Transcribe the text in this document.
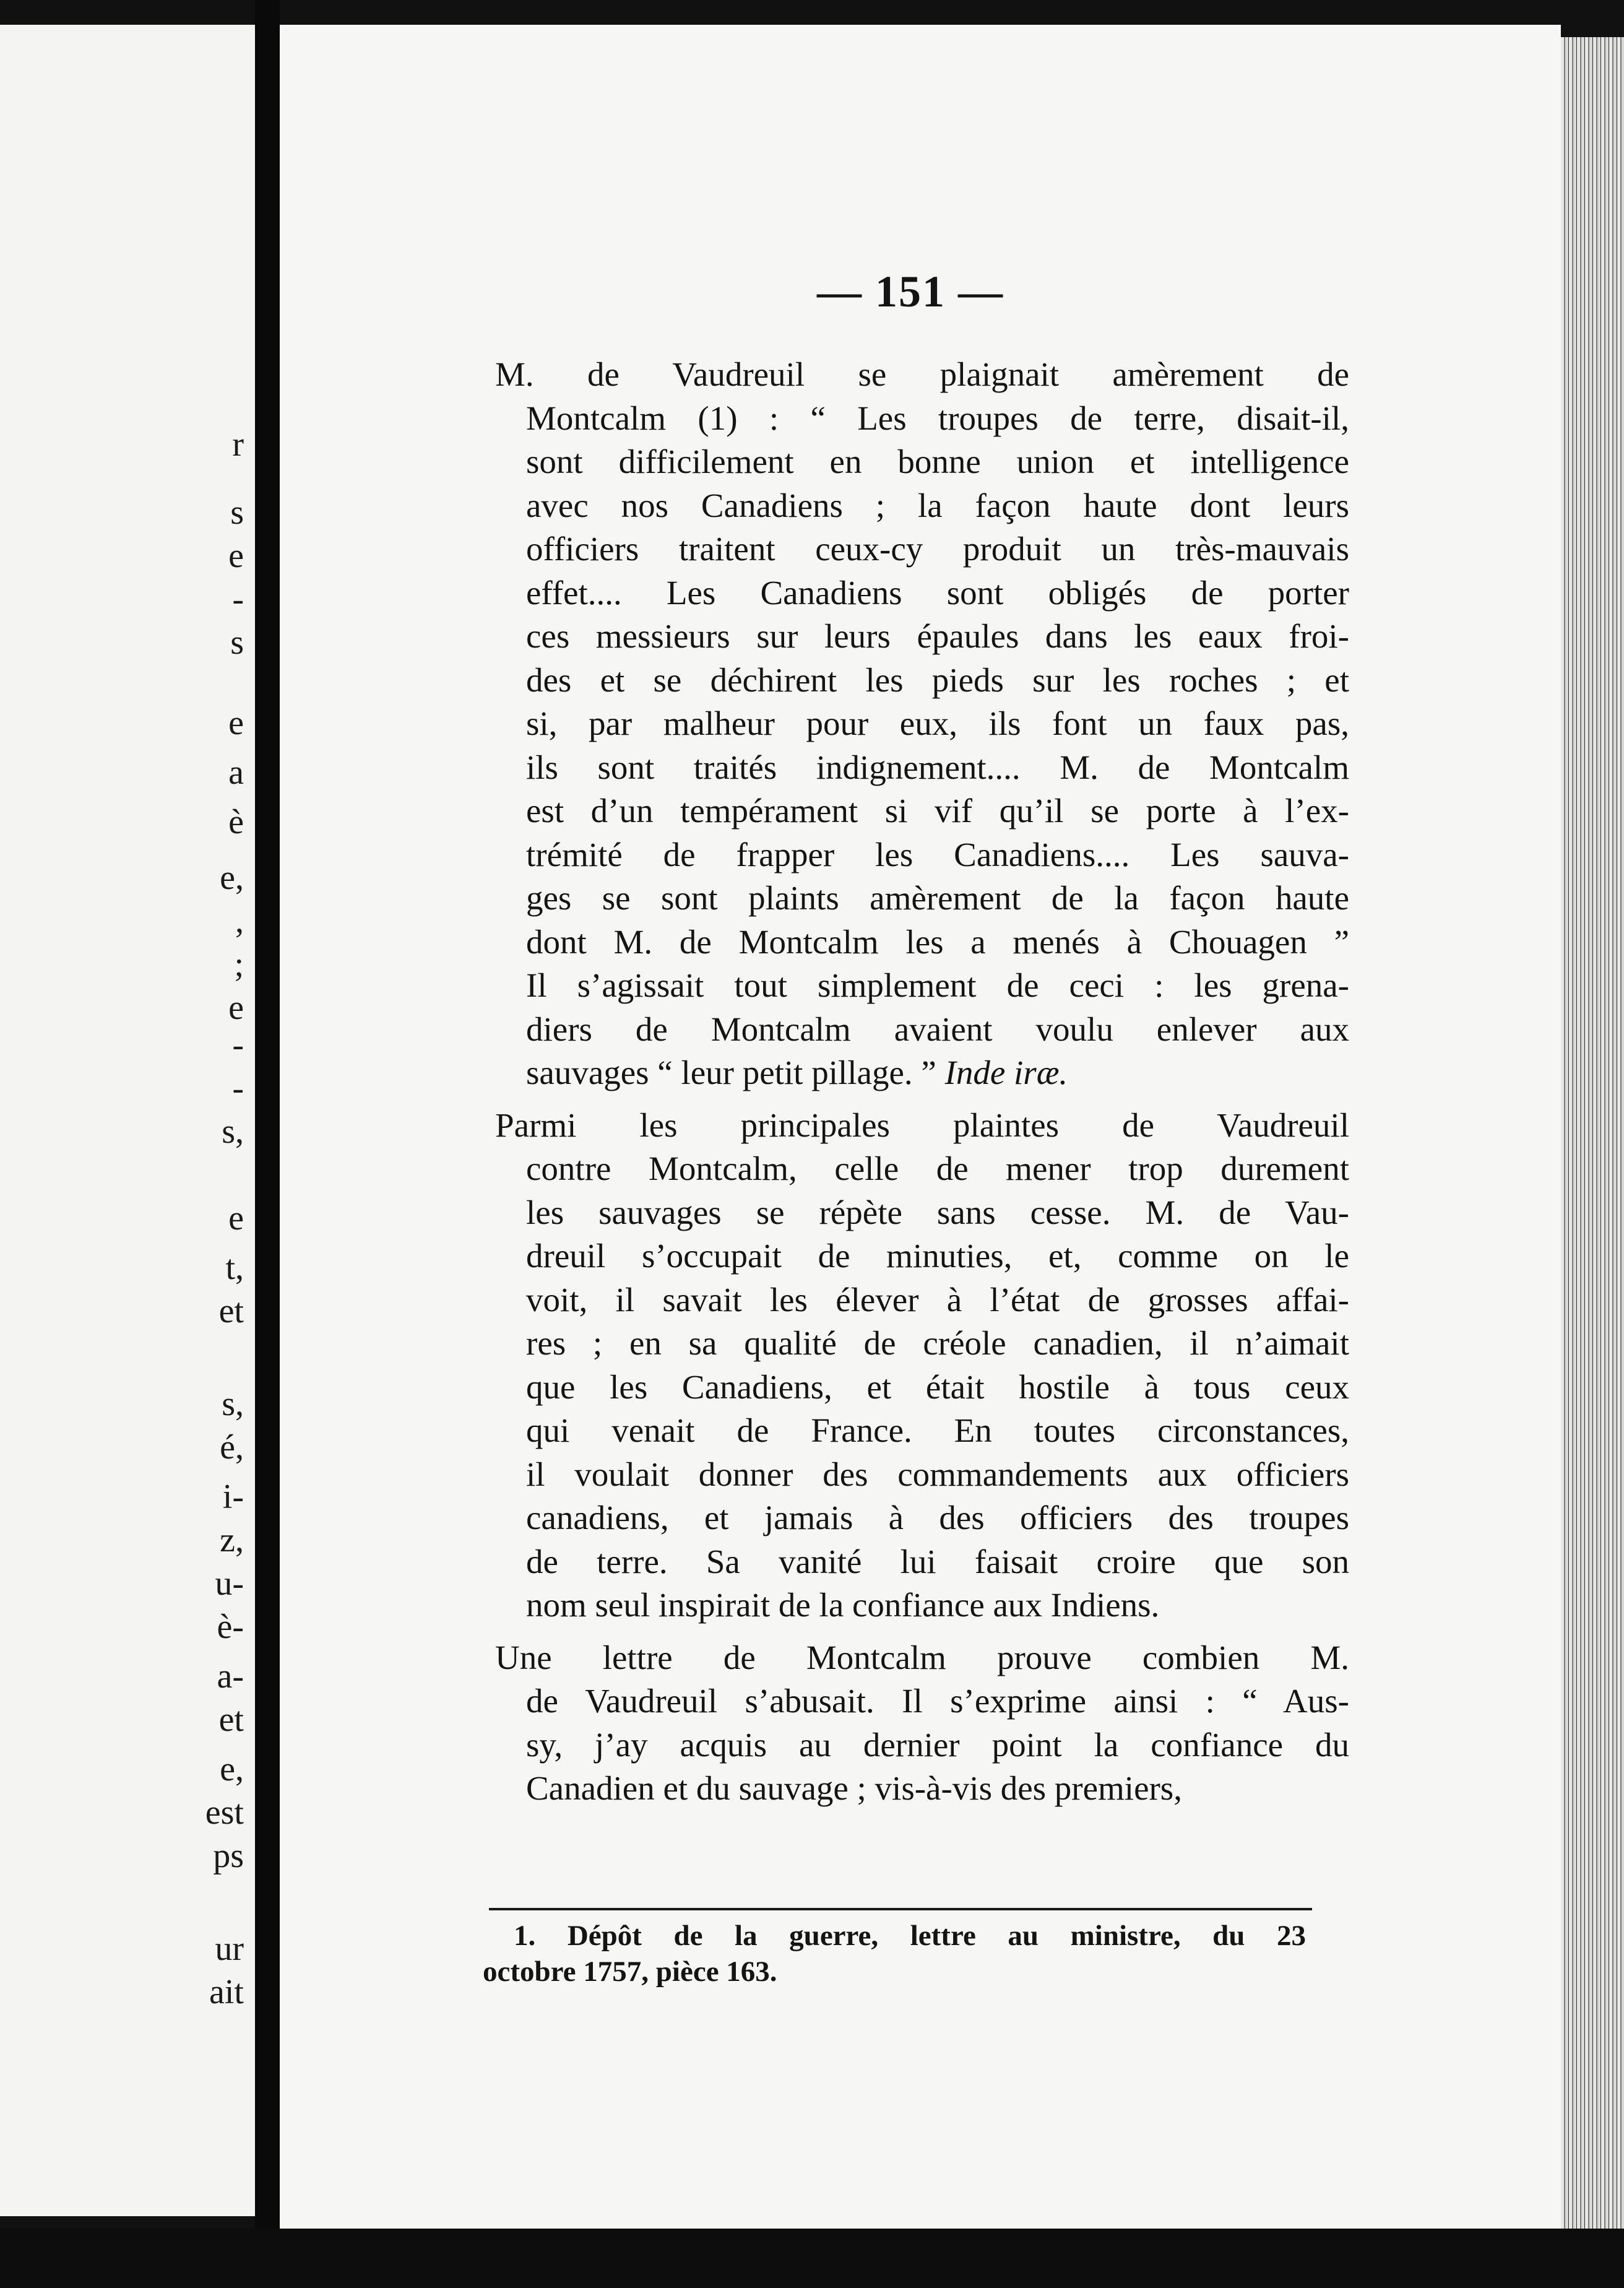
r
s
e
-
s
e
a
è
e,
,
;
e
-
-
s,
e
t,
et
s,
é,
i-
z,
u-
è-
a-
et
e,
est
ps
ur
ait
— 151 —

M. de Vaudreuil se plaignait amèrement de
Montcalm (1) : “ Les troupes de terre, disait-il,
sont difficilement en bonne union et intelligence
avec nos Canadiens ; la façon haute dont leurs
officiers traitent ceux-cy produit un très-mauvais
effet.... Les Canadiens sont obligés de porter
ces messieurs sur leurs épaules dans les eaux froi-
des et se déchirent les pieds sur les roches ; et
si, par malheur pour eux, ils font un faux pas,
ils sont traités indignement.... M. de Montcalm
est d’un tempérament si vif qu’il se porte à l’ex-
trémité de frapper les Canadiens.... Les sauva-
ges se sont plaints amèrement de la façon haute
dont M. de Montcalm les a menés à Chouagen ”
Il s’agissait tout simplement de ceci : les grena-
diers de Montcalm avaient voulu enlever aux
sauvages “ leur petit pillage. ” Inde iræ.

Parmi les principales plaintes de Vaudreuil
contre Montcalm, celle de mener trop durement
les sauvages se répète sans cesse. M. de Vau-
dreuil s’occupait de minuties, et, comme on le
voit, il savait les élever à l’état de grosses affai-
res ; en sa qualité de créole canadien, il n’aimait
que les Canadiens, et était hostile à tous ceux
qui venait de France. En toutes circonstances,
il voulait donner des commandements aux officiers
canadiens, et jamais à des officiers des troupes
de terre. Sa vanité lui faisait croire que son
nom seul inspirait de la confiance aux Indiens.

Une lettre de Montcalm prouve combien M.
de Vaudreuil s’abusait. Il s’exprime ainsi : “ Aus-
sy, j’ay acquis au dernier point la confiance du
Canadien et du sauvage ; vis-à-vis des premiers,

1. Dépôt de la guerre, lettre au ministre, du 23
octobre 1757, pièce 163.
